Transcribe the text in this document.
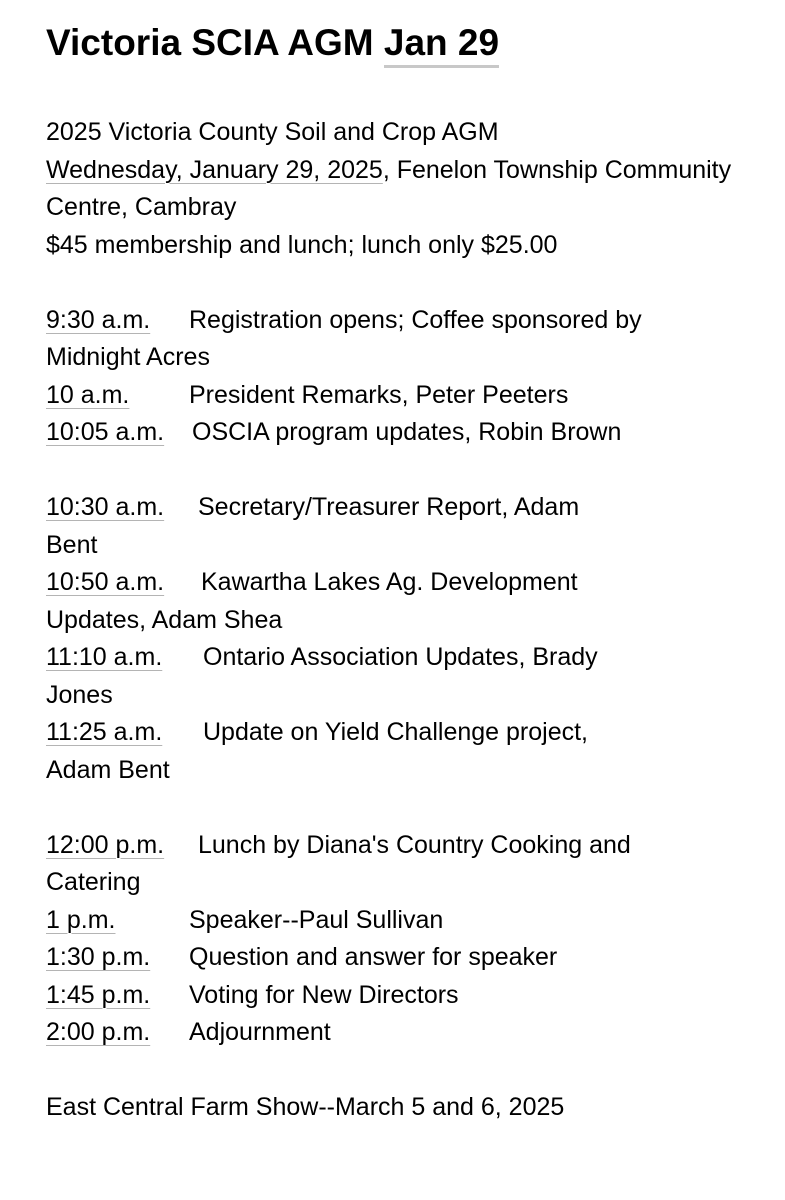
Victoria SCIA AGM Jan 29

2025 Victoria County Soil and Crop AGM

Wednesday, January 29, 2025, Fenelon Township Community Centre, Cambray

$45 membership and lunch; lunch only $25.00

9:30 a.m. Registration opens; Coffee sponsored by

Midnight Acres

10 a.m. President Remarks, Peter Peeters

10:05 a.m. OSCIA program updates, Robin Brown

10:30 a.m. Secretary/Treasurer Report, Adam

Bent

10:50 a.m. Kawartha Lakes Ag. Development

Updates, Adam Shea

11:10 a.m. Ontario Association Updates, Brady

Jones

11:25 a.m. Update on Yield Challenge project,

Adam Bent

12:00 p.m. Lunch by Diana's Country Cooking and

Catering

1 p.m.	Speaker--Paul Sullivan

1:30 p.m. Question and answer for speaker

1:45 p.m. Voting for New Directors

2:00 p.m. Adjournment

East Central Farm Show--March 5 and 6, 2025
